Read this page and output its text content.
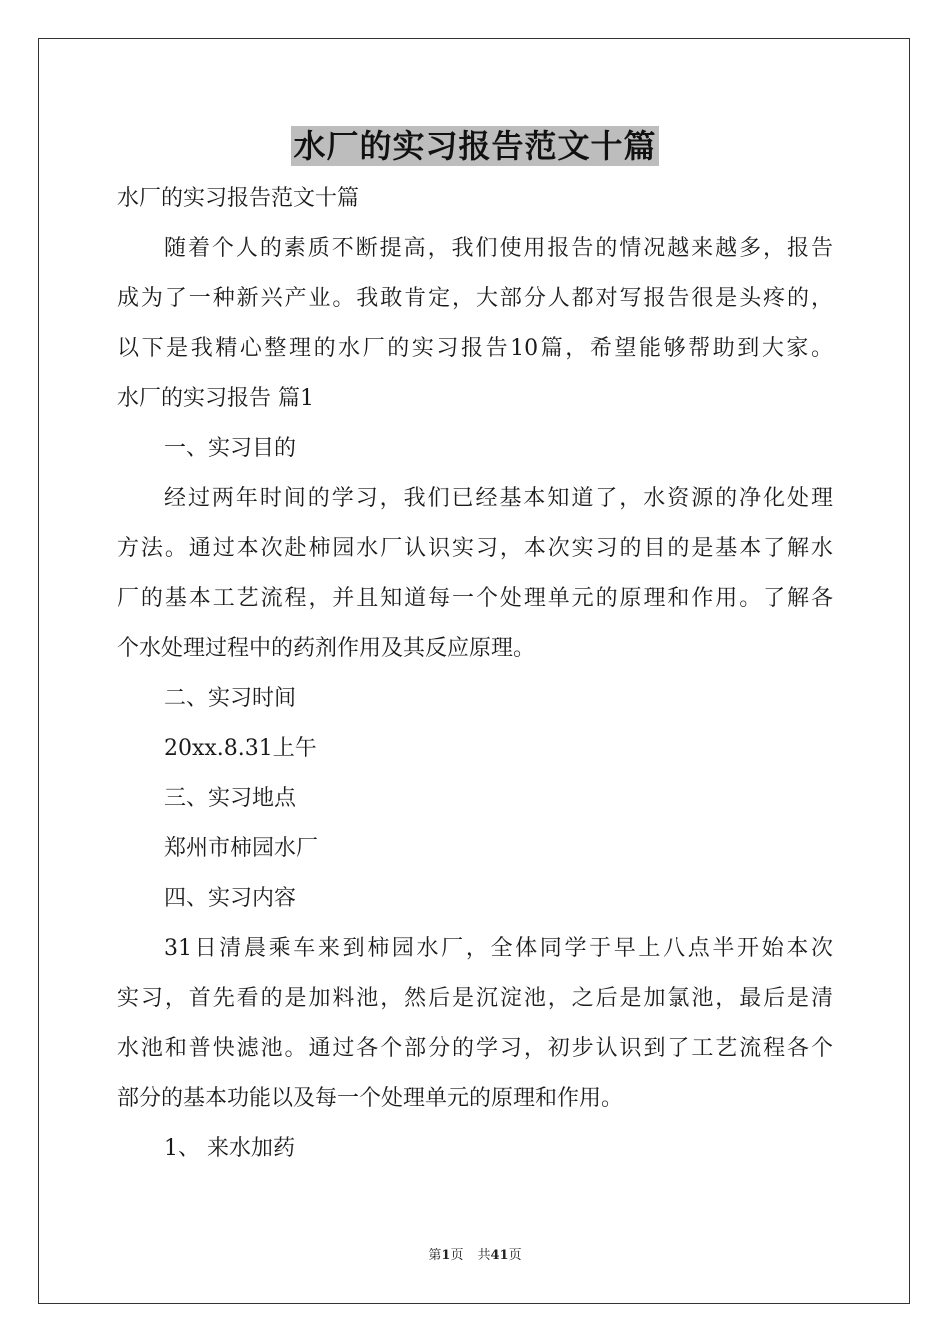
水厂的实习报告范文十篇
水厂的实习报告范文十篇
随着个人的素质不断提高，我们使用报告的情况越来越多，报告
成为了一种新兴产业。我敢肯定，大部分人都对写报告很是头疼的，
以下是我精心整理的水厂的实习报告10篇，希望能够帮助到大家。
水厂的实习报告 篇1
一、实习目的
经过两年时间的学习，我们已经基本知道了，水资源的净化处理
方法。通过本次赴柿园水厂认识实习，本次实习的目的是基本了解水
厂的基本工艺流程，并且知道每一个处理单元的原理和作用。了解各
个水处理过程中的药剂作用及其反应原理。
二、实习时间
20xx.8.31上午
三、实习地点
郑州市柿园水厂
四、实习内容
31日清晨乘车来到柿园水厂，全体同学于早上八点半开始本次
实习，首先看的是加料池，然后是沉淀池，之后是加氯池，最后是清
水池和普快滤池。通过各个部分的学习，初步认识到了工艺流程各个
部分的基本功能以及每一个处理单元的原理和作用。
1、 来水加药
第1页 共41页
